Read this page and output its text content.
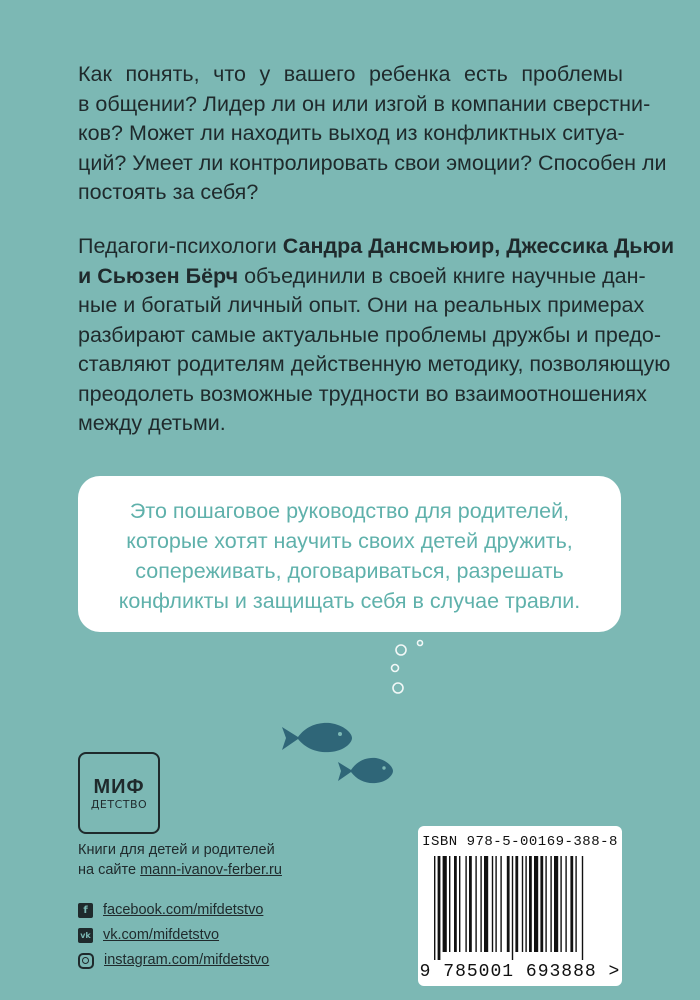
Как понять, что у вашего ребенка есть проблемы
в общении? Лидер ли он или изгой в компании сверстни-
ков? Может ли находить выход из конфликтных ситуа-
ций? Умеет ли контролировать свои эмоции? Способен ли
постоять за себя?

Педагоги-психологи Сандра Дансмьюир, Джессика Дьюи
и Сьюзен Бёрч объединили в своей книге научные дан-
ные и богатый личный опыт. Они на реальных примерах
разбирают самые актуальные проблемы дружбы и предо-
ставляют родителям действенную методику, позволяющую
преодолеть возможные трудности во взаимоотношениях
между детьми.

Это пошаговое руководство для родителей,
которые хотят научить своих детей дружить,
сопереживать, договариваться, разрешать
конфликты и защищать себя в случае травли.
МИФ
ДЕТСТВО
Книги для детей и родителей
на сайте mann-ivanov-ferber.ru
f	facebook.com/mifdetstvo
vk vk.com/mifdetstvo
instagram.com/mifdetstvo
ISBN 978-5-00169-388-8
9 785001 693888 >
